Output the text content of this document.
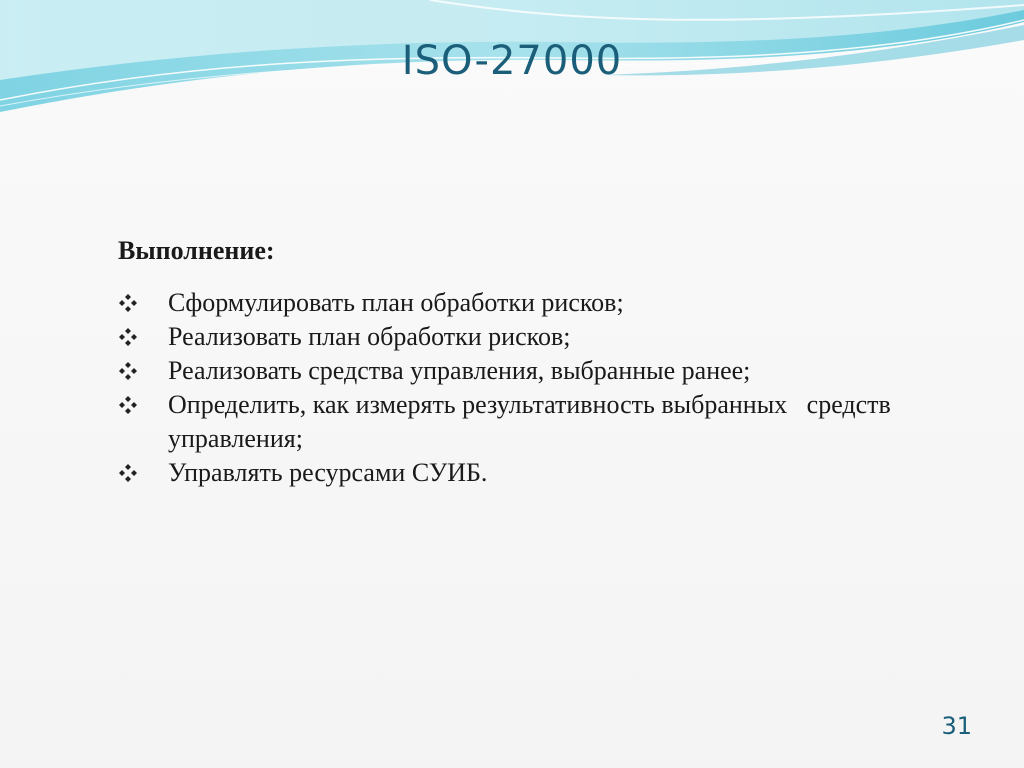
ISO-27000
Выполнение:
Сформулировать план обработки рисков;
Реализовать план обработки рисков;
Реализовать средства управления, выбранные ранее;
Определить, как измерять результативность выбранных   средств управления;
Управлять ресурсами СУИБ.
31
